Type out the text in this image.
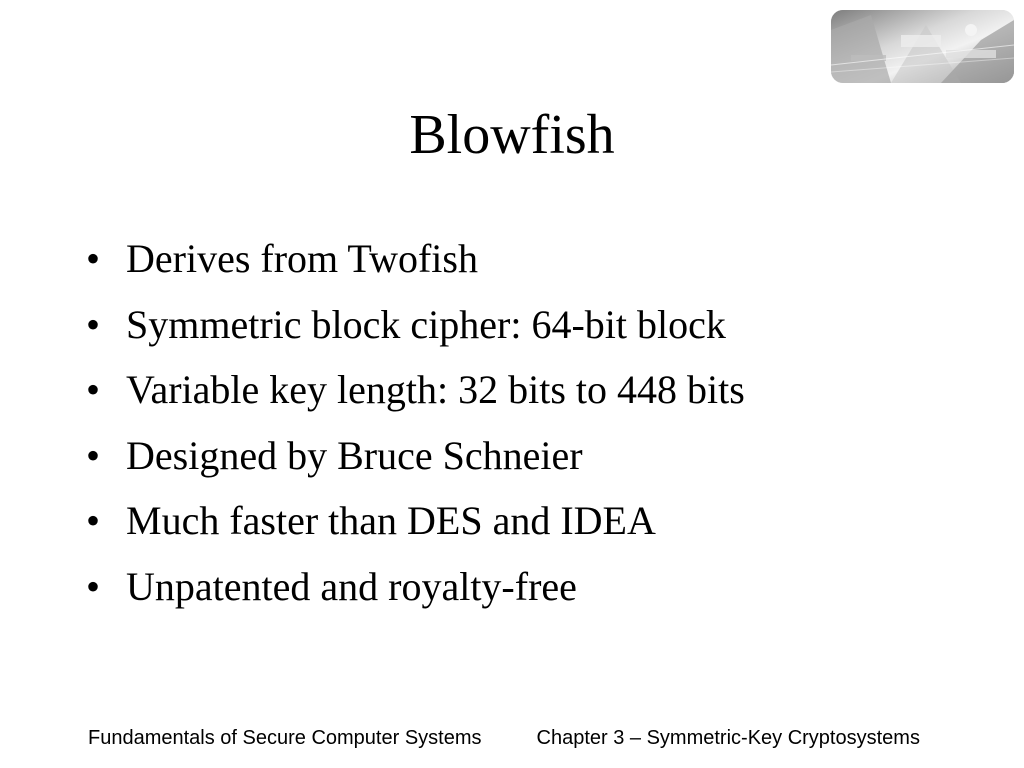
Blowfish
• Derives from Twofish
• Symmetric block cipher: 64-bit block
• Variable key length: 32 bits to 448 bits
• Designed by Bruce Schneier
• Much faster than DES and IDEA
• Unpatented and royalty-free
Fundamentals of Secure Computer Systems	Chapter 3 – Symmetric-Key Cryptosystems
